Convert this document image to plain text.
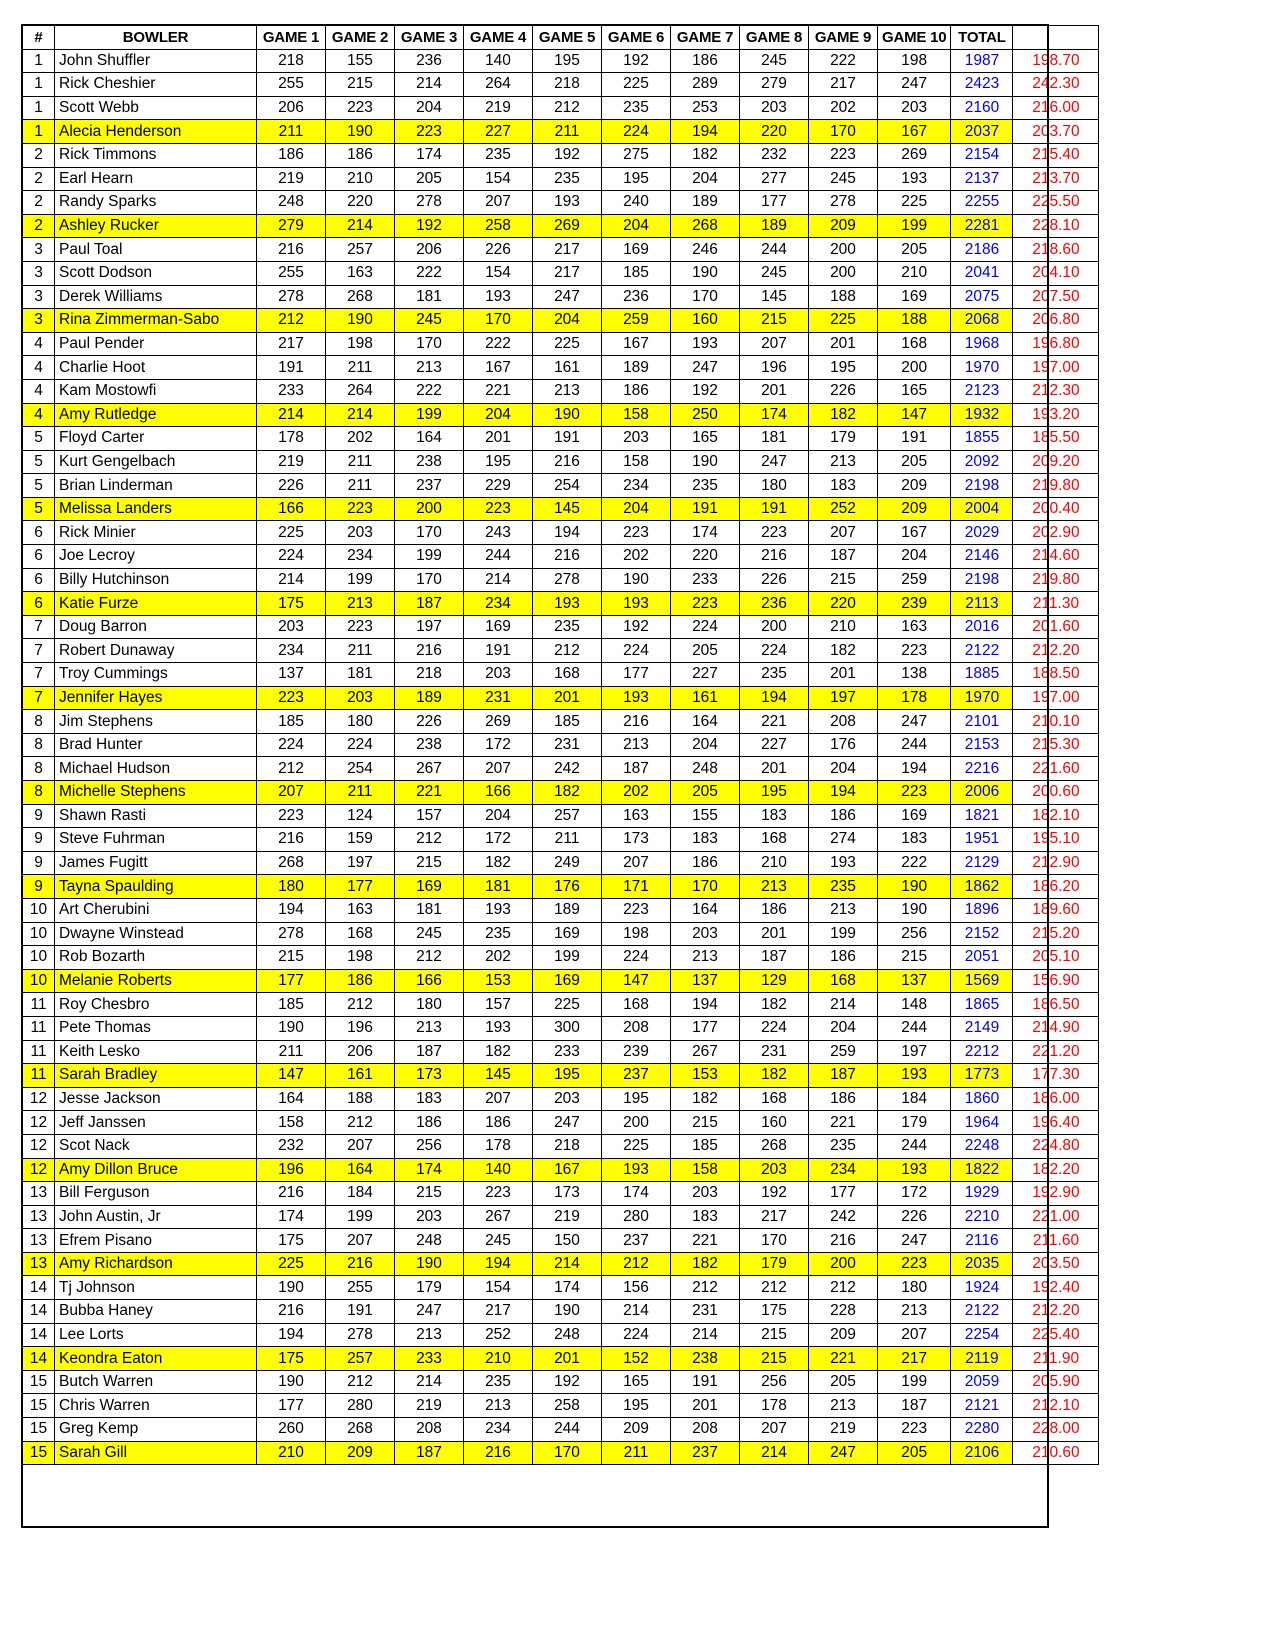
#	BOWLER	GAME 1	GAME 2	GAME 3	GAME 4	GAME 5	GAME 6	GAME 7	GAME 8	GAME 9	GAME 10	TOTAL	
1	John Shuffler	218	155	236	140	195	192	186	245	222	198	1987	198.70
1	Rick Cheshier	255	215	214	264	218	225	289	279	217	247	2423	242.30
1	Scott Webb	206	223	204	219	212	235	253	203	202	203	2160	216.00
1	Alecia Henderson	211	190	223	227	211	224	194	220	170	167	2037	203.70
2	Rick Timmons	186	186	174	235	192	275	182	232	223	269	2154	215.40
2	Earl Hearn	219	210	205	154	235	195	204	277	245	193	2137	213.70
2	Randy Sparks	248	220	278	207	193	240	189	177	278	225	2255	225.50
2	Ashley Rucker	279	214	192	258	269	204	268	189	209	199	2281	228.10
3	Paul Toal	216	257	206	226	217	169	246	244	200	205	2186	218.60
3	Scott Dodson	255	163	222	154	217	185	190	245	200	210	2041	204.10
3	Derek Williams	278	268	181	193	247	236	170	145	188	169	2075	207.50
3	Rina Zimmerman-Sabo	212	190	245	170	204	259	160	215	225	188	2068	206.80
4	Paul Pender	217	198	170	222	225	167	193	207	201	168	1968	196.80
4	Charlie Hoot	191	211	213	167	161	189	247	196	195	200	1970	197.00
4	Kam Mostowfi	233	264	222	221	213	186	192	201	226	165	2123	212.30
4	Amy Rutledge	214	214	199	204	190	158	250	174	182	147	1932	193.20
5	Floyd Carter	178	202	164	201	191	203	165	181	179	191	1855	185.50
5	Kurt Gengelbach	219	211	238	195	216	158	190	247	213	205	2092	209.20
5	Brian Linderman	226	211	237	229	254	234	235	180	183	209	2198	219.80
5	Melissa Landers	166	223	200	223	145	204	191	191	252	209	2004	200.40
6	Rick Minier	225	203	170	243	194	223	174	223	207	167	2029	202.90
6	Joe Lecroy	224	234	199	244	216	202	220	216	187	204	2146	214.60
6	Billy Hutchinson	214	199	170	214	278	190	233	226	215	259	2198	219.80
6	Katie Furze	175	213	187	234	193	193	223	236	220	239	2113	211.30
7	Doug Barron	203	223	197	169	235	192	224	200	210	163	2016	201.60
7	Robert Dunaway	234	211	216	191	212	224	205	224	182	223	2122	212.20
7	Troy Cummings	137	181	218	203	168	177	227	235	201	138	1885	188.50
7	Jennifer Hayes	223	203	189	231	201	193	161	194	197	178	1970	197.00
8	Jim Stephens	185	180	226	269	185	216	164	221	208	247	2101	210.10
8	Brad Hunter	224	224	238	172	231	213	204	227	176	244	2153	215.30
8	Michael Hudson	212	254	267	207	242	187	248	201	204	194	2216	221.60
8	Michelle Stephens	207	211	221	166	182	202	205	195	194	223	2006	200.60
9	Shawn Rasti	223	124	157	204	257	163	155	183	186	169	1821	182.10
9	Steve Fuhrman	216	159	212	172	211	173	183	168	274	183	1951	195.10
9	James Fugitt	268	197	215	182	249	207	186	210	193	222	2129	212.90
9	Tayna Spaulding	180	177	169	181	176	171	170	213	235	190	1862	186.20
10	Art Cherubini	194	163	181	193	189	223	164	186	213	190	1896	189.60
10	Dwayne Winstead	278	168	245	235	169	198	203	201	199	256	2152	215.20
10	Rob Bozarth	215	198	212	202	199	224	213	187	186	215	2051	205.10
10	Melanie Roberts	177	186	166	153	169	147	137	129	168	137	1569	156.90
11	Roy Chesbro	185	212	180	157	225	168	194	182	214	148	1865	186.50
11	Pete Thomas	190	196	213	193	300	208	177	224	204	244	2149	214.90
11	Keith Lesko	211	206	187	182	233	239	267	231	259	197	2212	221.20
11	Sarah Bradley	147	161	173	145	195	237	153	182	187	193	1773	177.30
12	Jesse Jackson	164	188	183	207	203	195	182	168	186	184	1860	186.00
12	Jeff Janssen	158	212	186	186	247	200	215	160	221	179	1964	196.40
12	Scot Nack	232	207	256	178	218	225	185	268	235	244	2248	224.80
12	Amy Dillon Bruce	196	164	174	140	167	193	158	203	234	193	1822	182.20
13	Bill Ferguson	216	184	215	223	173	174	203	192	177	172	1929	192.90
13	John Austin, Jr	174	199	203	267	219	280	183	217	242	226	2210	221.00
13	Efrem Pisano	175	207	248	245	150	237	221	170	216	247	2116	211.60
13	Amy Richardson	225	216	190	194	214	212	182	179	200	223	2035	203.50
14	Tj Johnson	190	255	179	154	174	156	212	212	212	180	1924	192.40
14	Bubba Haney	216	191	247	217	190	214	231	175	228	213	2122	212.20
14	Lee Lorts	194	278	213	252	248	224	214	215	209	207	2254	225.40
14	Keondra Eaton	175	257	233	210	201	152	238	215	221	217	2119	211.90
15	Butch Warren	190	212	214	235	192	165	191	256	205	199	2059	205.90
15	Chris Warren	177	280	219	213	258	195	201	178	213	187	2121	212.10
15	Greg Kemp	260	268	208	234	244	209	208	207	219	223	2280	228.00
15	Sarah Gill	210	209	187	216	170	211	237	214	247	205	2106	210.60
